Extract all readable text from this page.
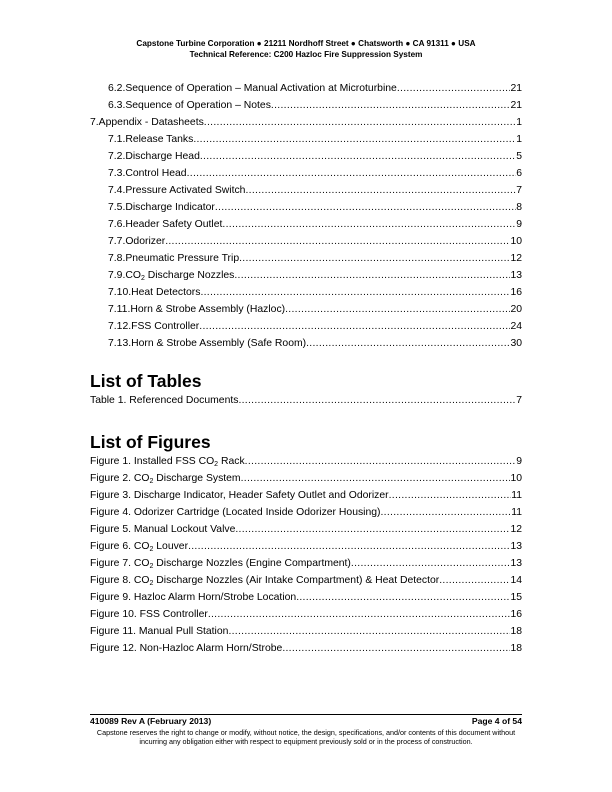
Capstone Turbine Corporation ● 21211 Nordhoff Street ● Chatsworth ● CA 91311 ● USA
Technical Reference: C200 Hazloc Fire Suppression System
6.2. Sequence of Operation – Manual Activation at Microturbine .....	21
6.3. Sequence of Operation – Notes .....	21
7. Appendix - Datasheets .....	1
7.1. Release Tanks .....	1
7.2. Discharge Head .....	5
7.3. Control Head .....	6
7.4. Pressure Activated Switch .....	7
7.5. Discharge Indicator .....	8
7.6. Header Safety Outlet .....	9
7.7. Odorizer .....	10
7.8. Pneumatic Pressure Trip .....	12
7.9. $CO_2$ Discharge Nozzles .....	13
7.10. Heat Detectors .....	16
7.11. Horn & Strobe Assembly (Hazloc) .....	20
7.12. FSS Controller .....	24
7.13. Horn & Strobe Assembly (Safe Room) .....	30
List of Tables
Table 1. Referenced Documents .....	7
List of Figures
Figure 1. Installed FSS $CO_2$ Rack .....	9
Figure 2. $CO_2$ Discharge System .....	10
Figure 3. Discharge Indicator, Header Safety Outlet and Odorizer .....	11
Figure 4. Odorizer Cartridge (Located Inside Odorizer Housing) .....	11
Figure 5. Manual Lockout Valve .....	12
Figure 6. $CO_2$ Louver .....	13
Figure 7. $CO_2$ Discharge Nozzles (Engine Compartment) .....	13
Figure 8. $CO_2$ Discharge Nozzles (Air Intake Compartment) & Heat Detector .....	14
Figure 9. Hazloc Alarm Horn/Strobe Location .....	15
Figure 10. FSS Controller .....	16
Figure 11. Manual Pull Station .....	18
Figure 12. Non-Hazloc Alarm Horn/Strobe .....	18
410089 Rev A (February 2013)	Page 4 of 54
Capstone reserves the right to change or modify, without notice, the design, specifications, and/or contents of this document without incurring any obligation either with respect to equipment previously sold or in the process of construction.
